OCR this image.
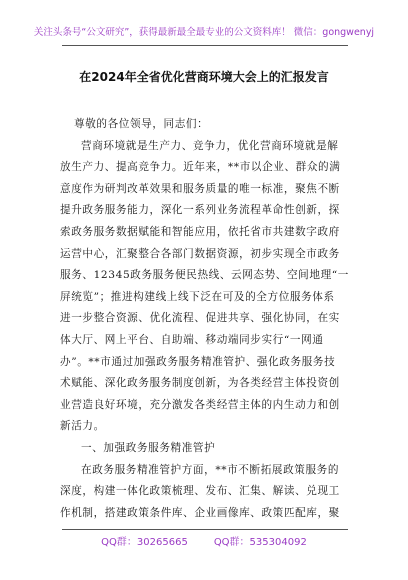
关注头条号“公文研究”，获得最新最全最专业的公文资料库！ 微信：gongwenyj
在2024年全省优化营商环境大会上的汇报发言
尊敬的各位领导，同志们：
营商环境就是生产力、竞争力，优化营商环境就是解
放生产力、提高竞争力。近年来，**市以企业、群众的满
意度作为研判改革效果和服务质量的唯一标准，聚焦不断
提升政务服务能力，深化一系列业务流程革命性创新，探
索政务服务数据赋能和智能应用，依托省市共建数字政府
运营中心，汇聚整合各部门数据资源，初步实现全市政务
服务、12345政务服务便民热线、云网态势、空间地理“一
屏统览”；推进构建线上线下泛在可及的全方位服务体系
进一步整合资源、优化流程、促进共享、强化协同，在实
体大厅、网上平台、自助端、移动端同步实行“一网通
办”。**市通过加强政务服务精准管护、强化政务服务技
术赋能、深化政务服务制度创新，为各类经营主体投资创
业营造良好环境，充分激发各类经营主体的内生动力和创
新活力。
一、加强政务服务精准管护
在政务服务精准管护方面，**市不断拓展政策服务的
深度，构建一体化政策梳理、发布、汇集、解读、兑现工
作机制，搭建政策条件库、企业画像库、政策匹配库，聚
QQ群：30265665	QQ群：535304092
